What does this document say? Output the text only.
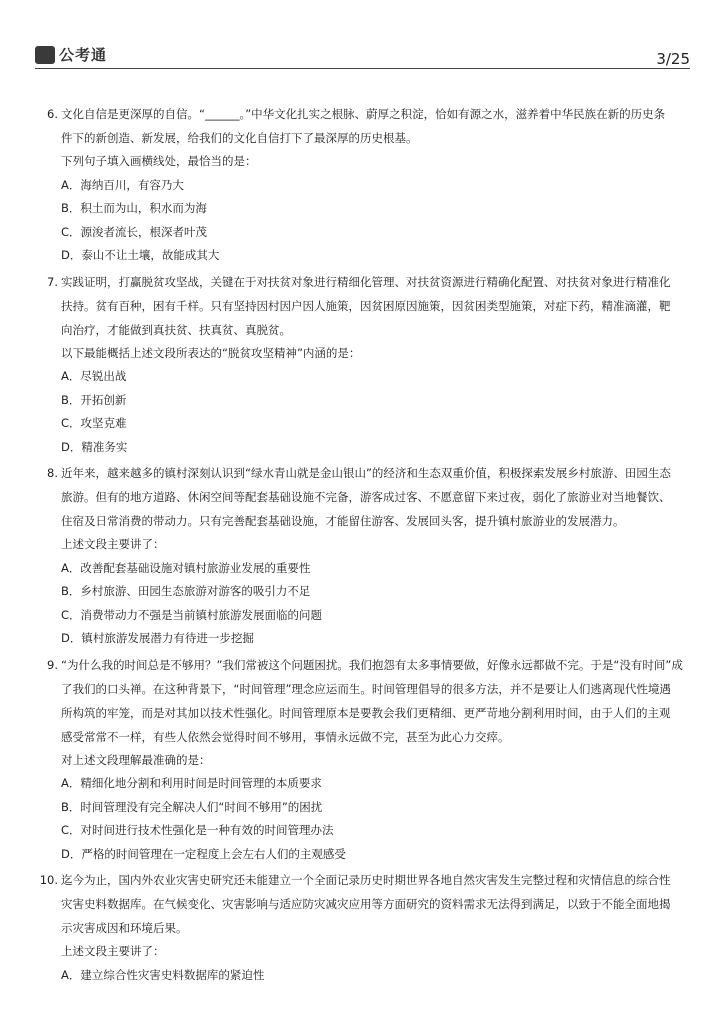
公考通	3/25
6. 文化自信是更深厚的自信。“______。”中华文化扎实之根脉、蔚厚之积淀，恰如有源之水，滋养着中华民族在新的历史条
件下的新创造、新发展，给我们的文化自信打下了最深厚的历史根基。
下列句子填入画横线处，最恰当的是：
A．海纳百川，有容乃大
B．积土而为山，积水而为海
C．源浚者流长，根深者叶茂
D．泰山不让土壤，故能成其大
7. 实践证明，打赢脱贫攻坚战，关键在于对扶贫对象进行精细化管理、对扶贫资源进行精确化配置、对扶贫对象进行精准化
扶持。贫有百种，困有千样。只有坚持因村因户因人施策，因贫困原因施策，因贫困类型施策，对症下药，精准滴灌，靶
向治疗，才能做到真扶贫、扶真贫、真脱贫。
以下最能概括上述文段所表达的“脱贫攻坚精神”内涵的是：
A．尽锐出战
B．开拓创新
C．攻坚克难
D．精准务实
8. 近年来，越来越多的镇村深刻认识到“绿水青山就是金山银山”的经济和生态双重价值，积极探索发展乡村旅游、田园生态
旅游。但有的地方道路、休闲空间等配套基础设施不完备，游客成过客、不愿意留下来过夜，弱化了旅游业对当地餐饮、
住宿及日常消费的带动力。只有完善配套基础设施，才能留住游客、发展回头客，提升镇村旅游业的发展潜力。
上述文段主要讲了：
A．改善配套基础设施对镇村旅游业发展的重要性
B．乡村旅游、田园生态旅游对游客的吸引力不足
C．消费带动力不强是当前镇村旅游发展面临的问题
D．镇村旅游发展潜力有待进一步挖掘
9. “为什么我的时间总是不够用？”我们常被这个问题困扰。我们抱怨有太多事情要做，好像永远都做不完。于是“没有时间”成
了我们的口头禅。在这种背景下，“时间管理”理念应运而生。时间管理倡导的很多方法，并不是要让人们逃离现代性境遇
所构筑的牢笼，而是对其加以技术性强化。时间管理原本是要教会我们更精细、更严苛地分割利用时间，由于人们的主观
感受常常不一样，有些人依然会觉得时间不够用，事情永远做不完，甚至为此心力交瘁。
对上述文段理解最准确的是：
A．精细化地分割和利用时间是时间管理的本质要求
B．时间管理没有完全解决人们“时间不够用”的困扰
C．对时间进行技术性强化是一种有效的时间管理办法
D．严格的时间管理在一定程度上会左右人们的主观感受
10. 迄今为止，国内外农业灾害史研究还未能建立一个全面记录历史时期世界各地自然灾害发生完整过程和灾情信息的综合性
灾害史料数据库。在气候变化、灾害影响与适应防灾减灾应用等方面研究的资料需求无法得到满足，以致于不能全面地揭
示灾害成因和环境后果。
上述文段主要讲了：
A．建立综合性灾害史料数据库的紧迫性
